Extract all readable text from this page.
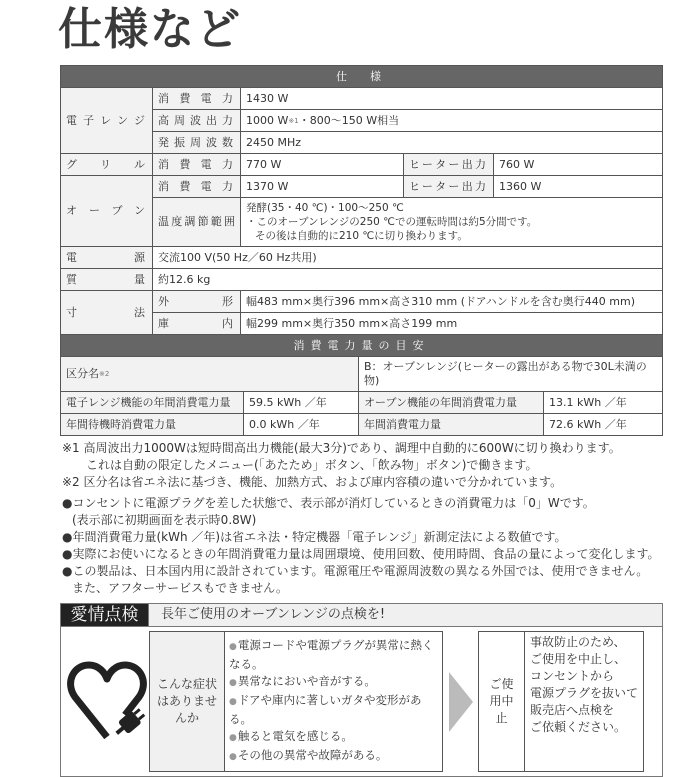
仕様など
仕　様				
電子レンジ	消費電力	1430 W		
	高周波出力	1000 $W^{※1}$・800〜150 W相当		
	発振周波数	2450 MHz		
グリル	消費電力	770 W	ヒーター出力	760 W
オーブン	消費電力	1370 W	ヒーター出力	1360 W
	温度調節範囲	発酵(35・40 ℃)・100〜250 ℃
・このオーブンレンジの250 ℃での運転時間は約5分間です。
その後は自動的に210 ℃に切り換わります。		

電源	交流100 V(50 Hz／60 Hz共用)			
質量	約12.6 kg			
寸法	外形	幅483 mm×奥行396 mm×高さ310 mm (ドアハンドルを含む奥行440 mm)		
	庫内	幅299 mm×奥行350 mm×高さ199 mm		
消費電力量の目安			
区分名$^{※2}$		B：オーブンレンジ(ヒーターの露出がある物で30L未満の物)	
電子レンジ機能の年間消費電力量	59.5 kWh ／年	オーブン機能の年間消費電力量	13.1 kWh ／年
年間待機時消費電力量	0.0 kWh ／年	年間消費電力量	72.6 kWh ／年
※1 高周波出力1000Wは短時間高出力機能(最大3分)であり、調理中自動的に600Wに切り換わります。
これは自動の限定したメニュー(「あたため」ボタン、「飲み物」ボタン)で働きます。
※2 区分名は省エネ法に基づき、機能、加熱方式、および庫内容積の違いで分かれています。
●コンセントに電源プラグを差した状態で、表示部が消灯しているときの消費電力は「0」Wです。
(表示部に初期画面を表示時0.8W)
●年間消費電力量(kWh ／年)は省エネ法・特定機器「電子レンジ」新測定法による数値です。
●実際にお使いになるときの年間消費電力量は周囲環境、使用回数、使用時間、食品の量によって変化します。
●この製品は、日本国内用に設計されています。電源電圧や電源周波数の異なる外国では、使用できません。
また、アフターサービスもできません。
愛情点検	長年ご使用のオーブンレンジの点検を!
こんな症状はありませんか
● 電源コードや電源プラグが異常に熱くなる。
● 異常なにおいや音がする。
● ドアや庫内に著しいガタや変形がある。
● 触ると電気を感じる。
● その他の異常や故障がある。
ご使用中止
事故防止のため、
ご使用を中止し、
コンセントから
電源プラグを抜いて
販売店へ点検を
ご依頼ください。
